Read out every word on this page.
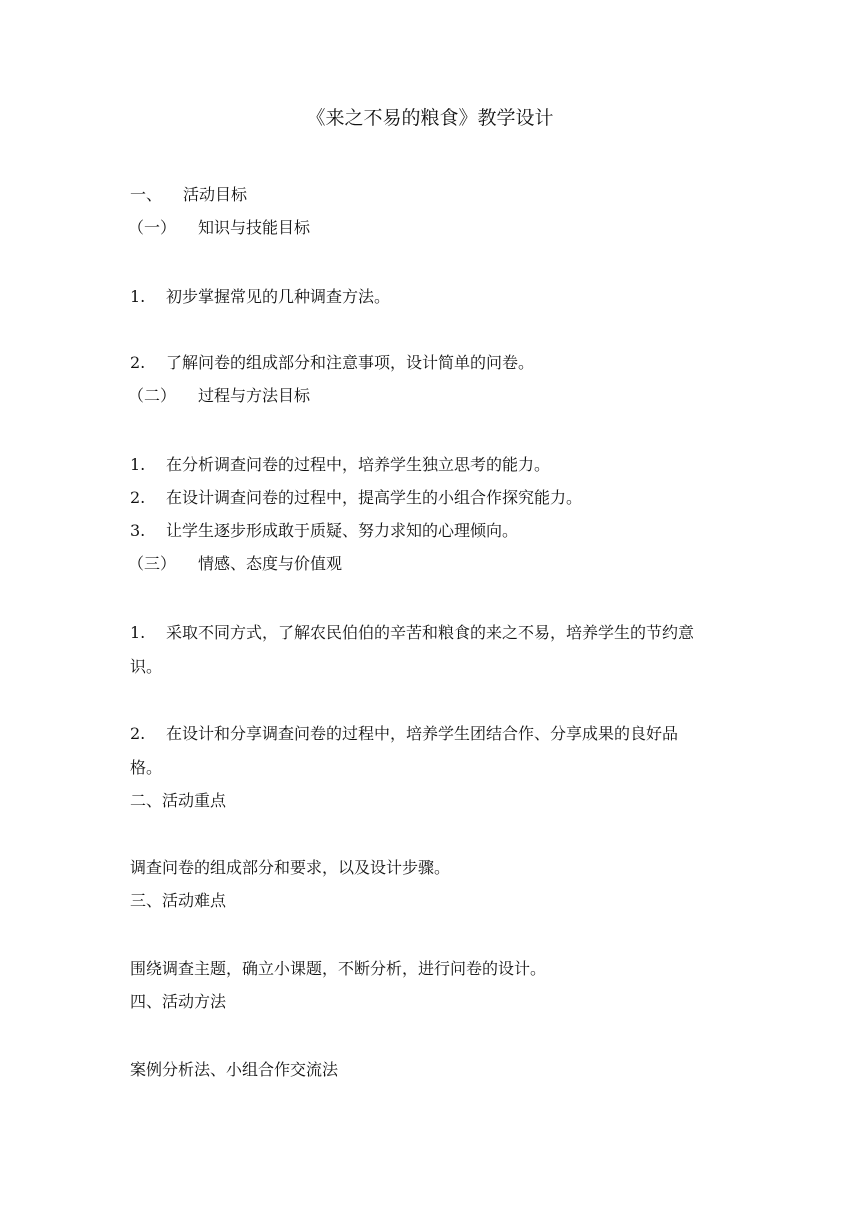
《来之不易的粮食》教学设计
一、 活动目标
（一） 知识与技能目标
1. 初步掌握常见的几种调查方法。
2. 了解问卷的组成部分和注意事项，设计简单的问卷。
（二） 过程与方法目标
1. 在分析调查问卷的过程中，培养学生独立思考的能力。
2. 在设计调查问卷的过程中，提高学生的小组合作探究能力。
3. 让学生逐步形成敢于质疑、努力求知的心理倾向。
（三） 情感、态度与价值观
1. 采取不同方式，了解农民伯伯的辛苦和粮食的来之不易，培养学生的节约意
识。
2. 在设计和分享调查问卷的过程中，培养学生团结合作、分享成果的良好品
格。
二、活动重点
调查问卷的组成部分和要求，以及设计步骤。
三、活动难点
围绕调查主题，确立小课题，不断分析，进行问卷的设计。
四、活动方法
案例分析法、小组合作交流法
